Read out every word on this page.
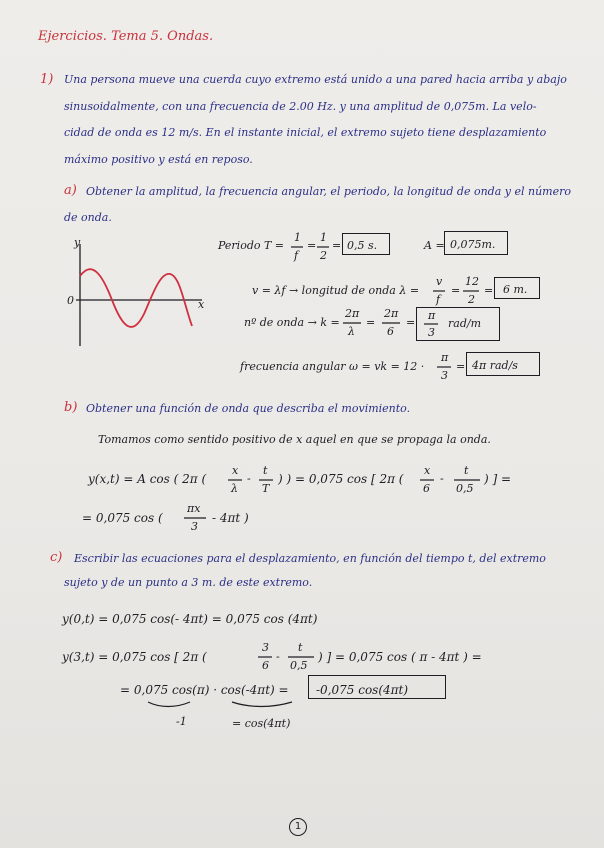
Ejercicios. Tema 5. Ondas.
1) Una persona mueve una cuerda cuyo extremo está unido a una pared hacia arriba y abajo
sinusoidalmente, con una frecuencia de 2.00 Hz. y una amplitud de 0,075m. La velo-
cidad de onda es 12 m/s. En el instante inicial, el extremo sujeto tiene desplazamiento
máximo positivo y está en reposo.
a) Obtener la amplitud, la frecuencia angular, el periodo, la longitud de onda y el número
de onda.
y
x
0
Periodo T =
1
f
=
1
2
= 0,5 s.	A = 0,075m.
v = λf → longitud de onda λ =
v
f
=
12
2
= 6 m.
nº de onda → k =
2π
λ
=
2π
6
=
π
3
rad/m
frecuencia angular ω = vk = 12 ·
π
3
= 4π rad/s
b) Obtener una función de onda que describa el movimiento.
Tomamos como sentido positivo de x aquel en que se propaga la onda.
y(x,t) = A cos ( 2π (
x
λ
-
t
T
) ) = 0,075 cos [ 2π (
x
6
-
t
0,5
) ] =
= 0,075 cos (
πx
3
- 4πt )
c) Escribir las ecuaciones para el desplazamiento, en función del tiempo t, del extremo
sujeto y de un punto a 3 m. de este extremo.
y(0,t) = 0,075 cos(- 4πt) = 0,075 cos (4πt)
y(3,t) = 0,075 cos [ 2π (
3
6
-
t
0,5
) ] = 0,075 cos ( π - 4πt ) =
= 0,075 cos(π) · cos(-4πt) = -0,075 cos(4πt)
-1	= cos(4πt)
1
